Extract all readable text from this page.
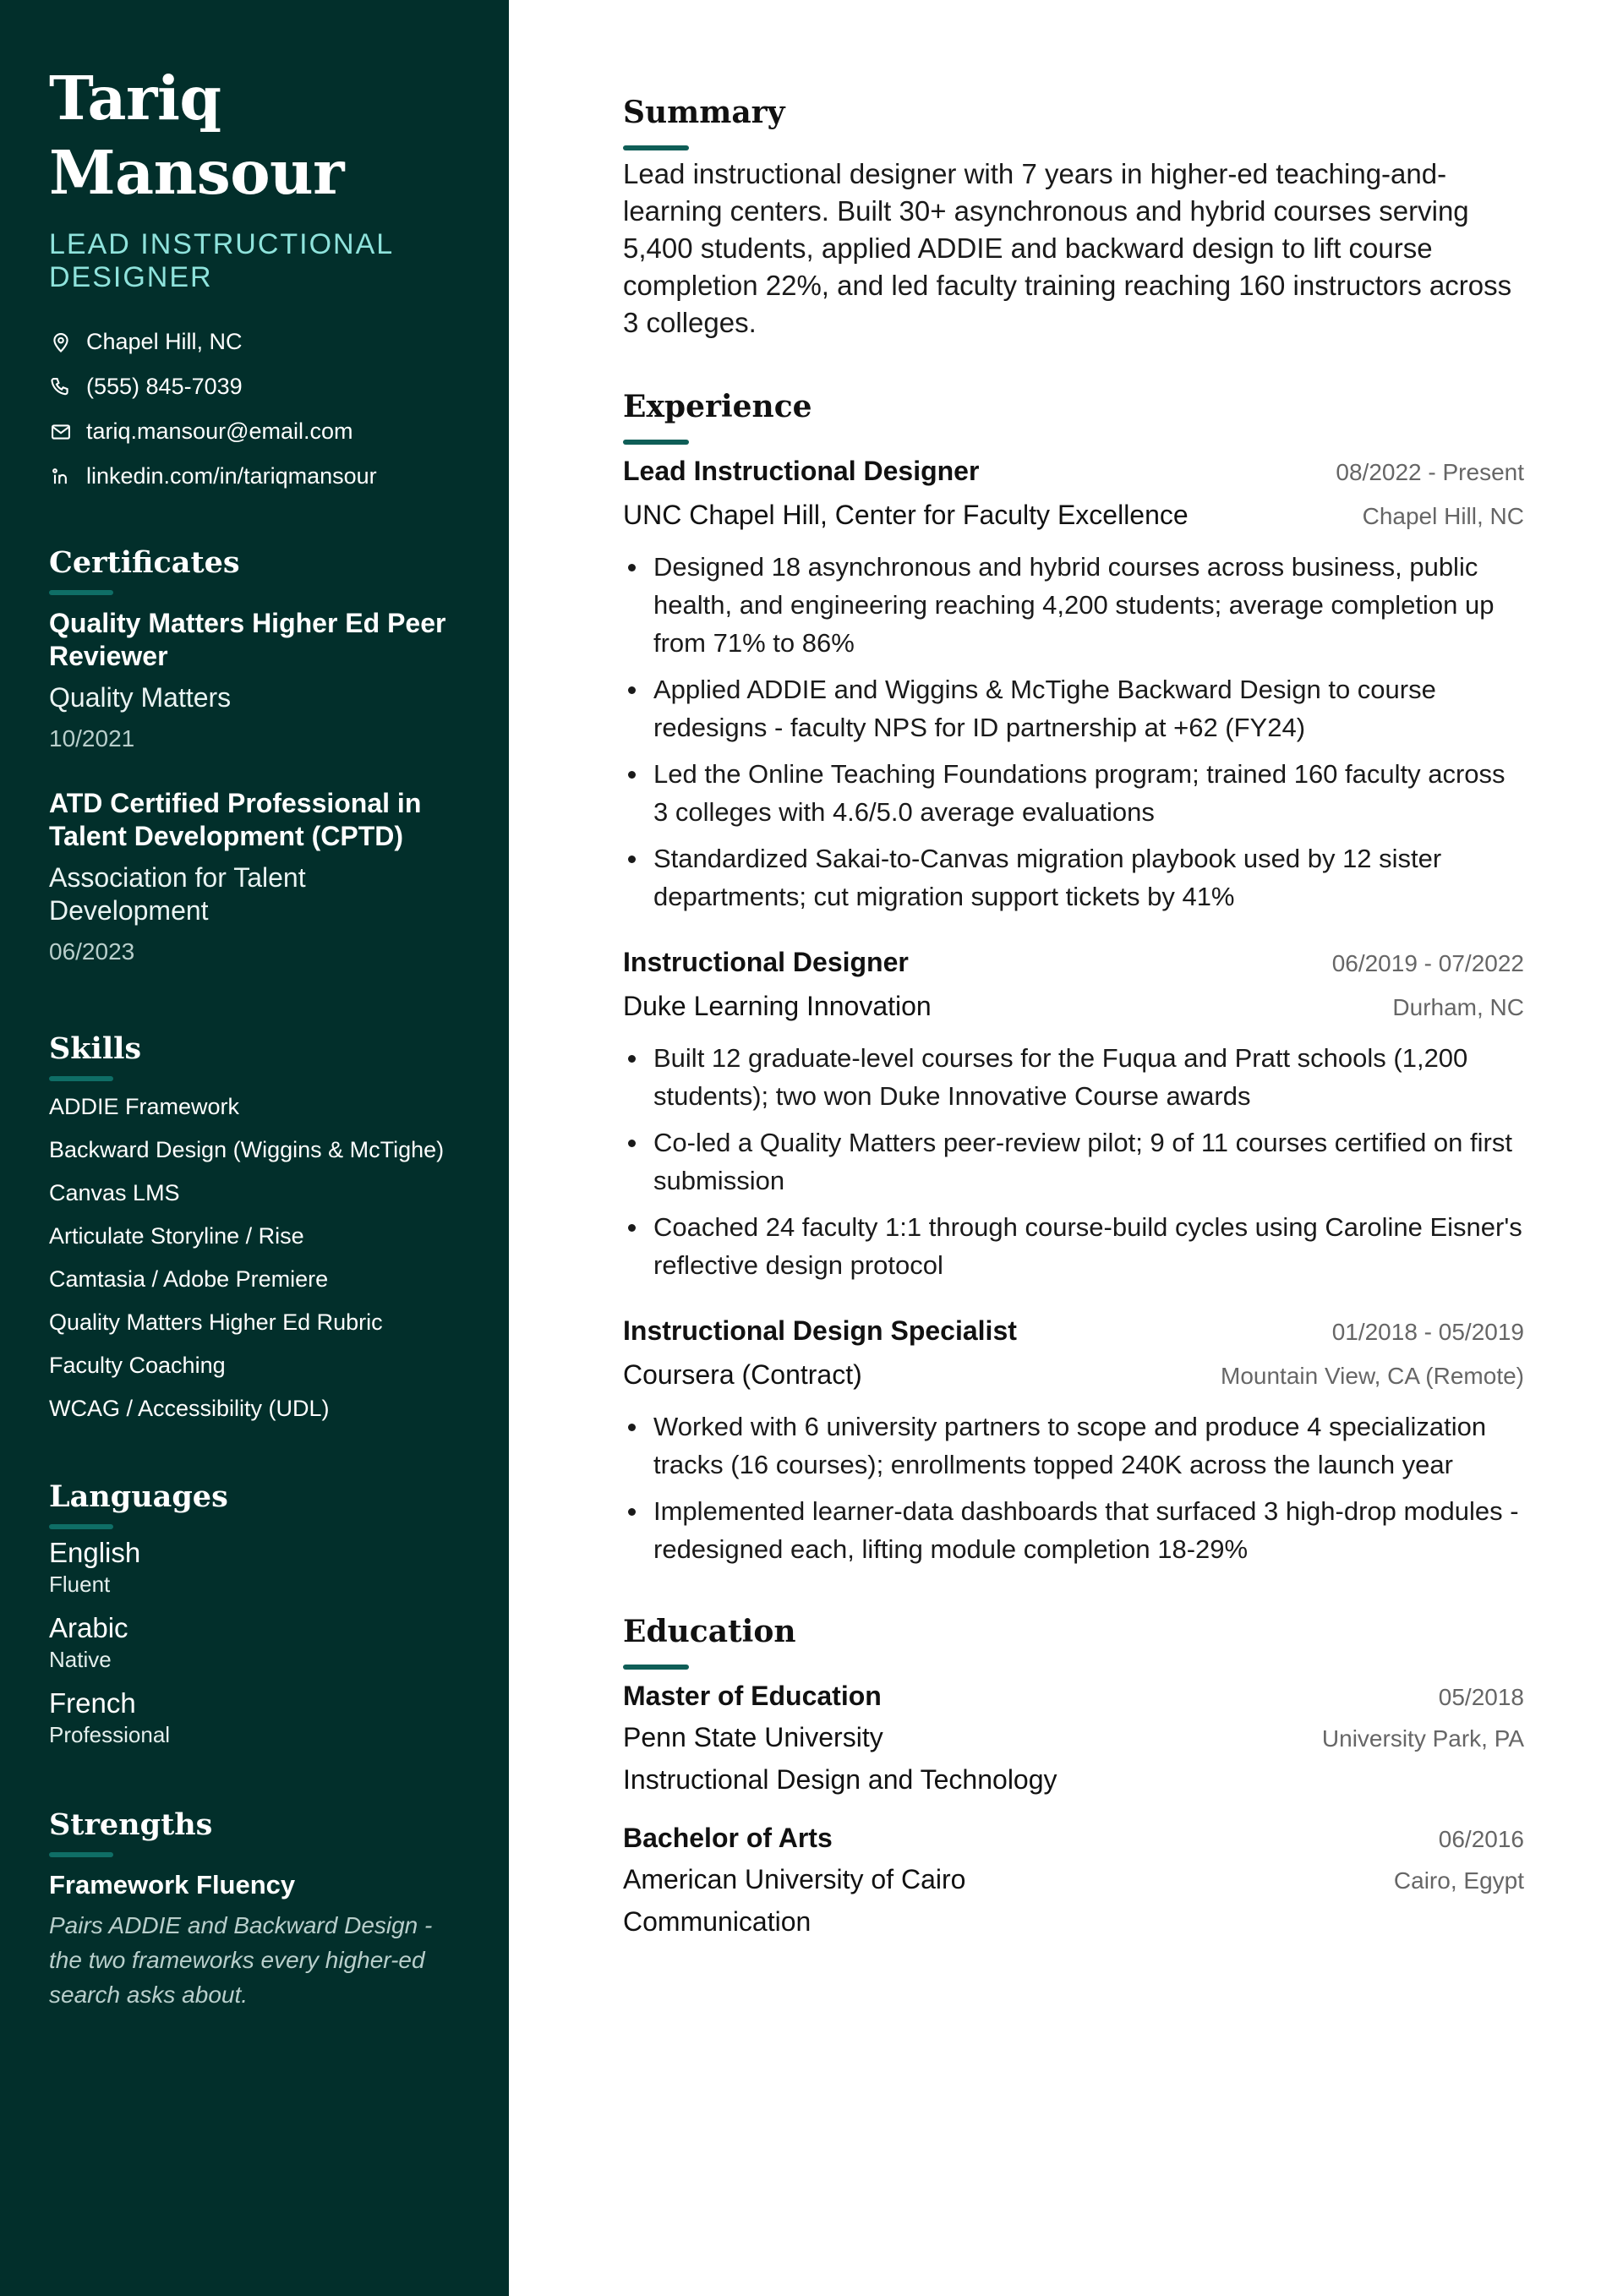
Tariq
Mansour
LEAD INSTRUCTIONAL DESIGNER
Chapel Hill, NC
(555) 845-7039
tariq.mansour@email.com
linkedin.com/in/tariqmansour
Certificates
Quality Matters Higher Ed Peer Reviewer
Quality Matters
10/2021
ATD Certified Professional in Talent Development (CPTD)
Association for Talent Development
06/2023
Skills
ADDIE Framework
Backward Design (Wiggins & McTighe)
Canvas LMS
Articulate Storyline / Rise
Camtasia / Adobe Premiere
Quality Matters Higher Ed Rubric
Faculty Coaching
WCAG / Accessibility (UDL)
Languages
English
Fluent
Arabic
Native
French
Professional
Strengths
Framework Fluency
Pairs ADDIE and Backward Design - the two frameworks every higher-ed search asks about.
Summary
Lead instructional designer with 7 years in higher-ed teaching-and-learning centers. Built 30+ asynchronous and hybrid courses serving 5,400 students, applied ADDIE and backward design to lift course completion 22%, and led faculty training reaching 160 instructors across 3 colleges.
Experience
Lead Instructional Designer	08/2022 - Present
UNC Chapel Hill, Center for Faculty Excellence	Chapel Hill, NC
Designed 18 asynchronous and hybrid courses across business, public health, and engineering reaching 4,200 students; average completion up from 71% to 86%
Applied ADDIE and Wiggins & McTighe Backward Design to course redesigns - faculty NPS for ID partnership at +62 (FY24)
Led the Online Teaching Foundations program; trained 160 faculty across 3 colleges with 4.6/5.0 average evaluations
Standardized Sakai-to-Canvas migration playbook used by 12 sister departments; cut migration support tickets by 41%
Instructional Designer	06/2019 - 07/2022
Duke Learning Innovation	Durham, NC
Built 12 graduate-level courses for the Fuqua and Pratt schools (1,200 students); two won Duke Innovative Course awards
Co-led a Quality Matters peer-review pilot; 9 of 11 courses certified on first submission
Coached 24 faculty 1:1 through course-build cycles using Caroline Eisner's reflective design protocol
Instructional Design Specialist	01/2018 - 05/2019
Coursera (Contract)	Mountain View, CA (Remote)
Worked with 6 university partners to scope and produce 4 specialization tracks (16 courses); enrollments topped 240K across the launch year
Implemented learner-data dashboards that surfaced 3 high-drop modules - redesigned each, lifting module completion 18-29%
Education
Master of Education	05/2018
Penn State University	University Park, PA
Instructional Design and Technology
Bachelor of Arts	06/2016
American University of Cairo	Cairo, Egypt
Communication
